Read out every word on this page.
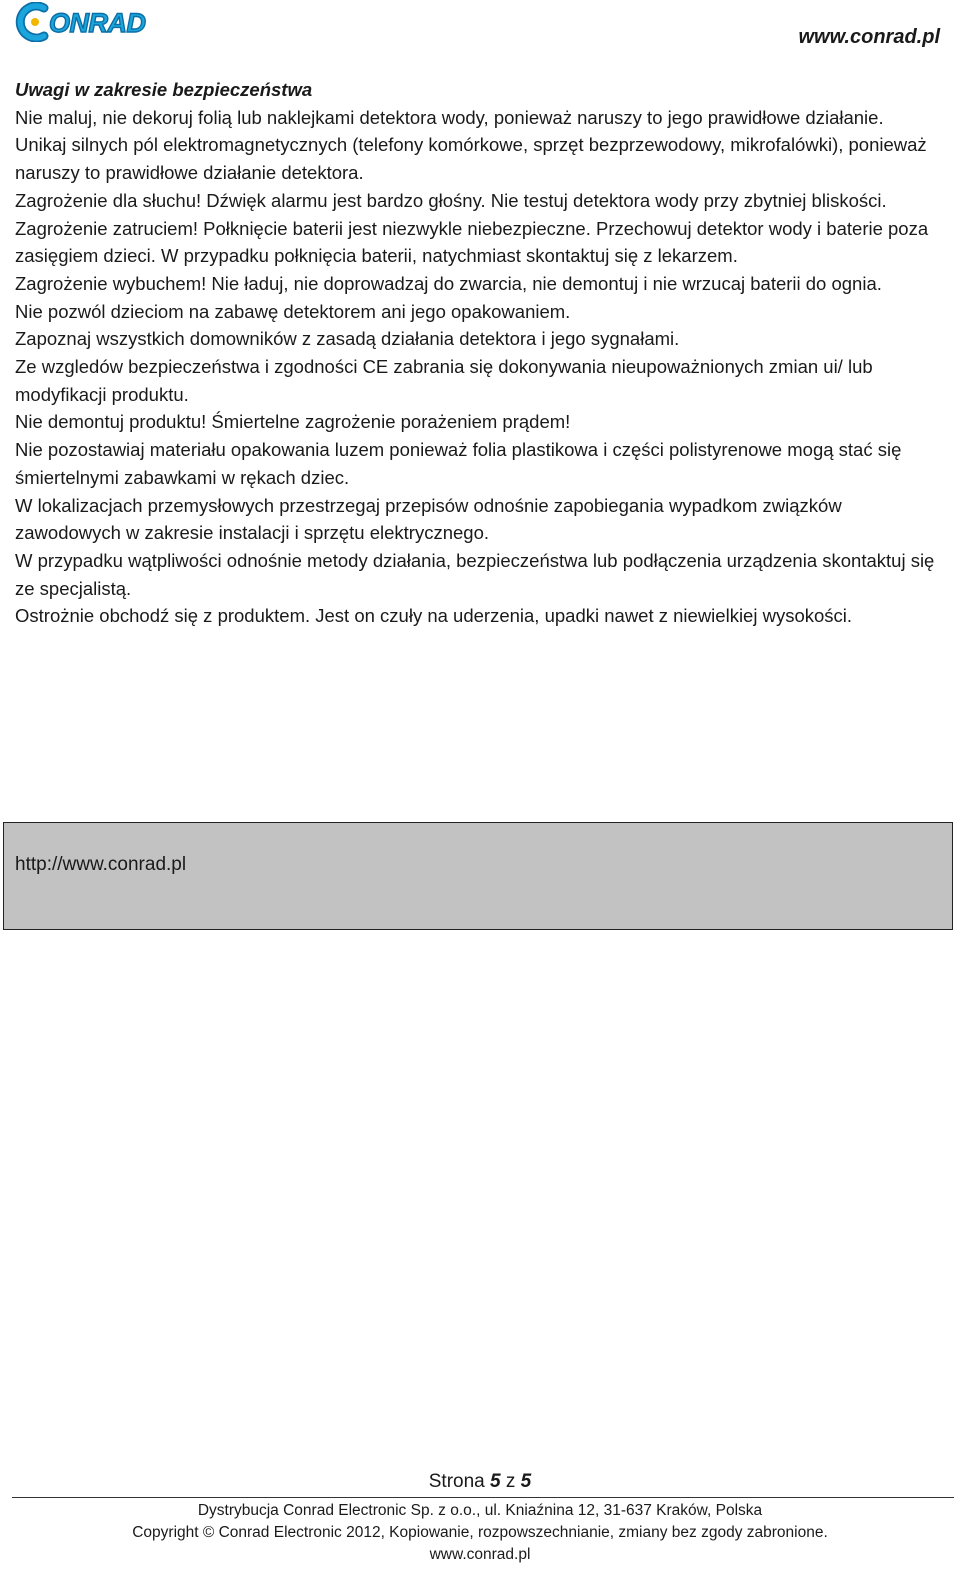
ONRAD	www.conrad.pl

Uwagi w zakresie bezpieczeństwa

Nie maluj, nie dekoruj folią lub naklejkami detektora wody, ponieważ naruszy to jego prawidłowe działanie.

Unikaj silnych pól elektromagnetycznych (telefony komórkowe, sprzęt bezprzewodowy, mikrofalówki), ponieważ naruszy to prawidłowe działanie detektora.

Zagrożenie dla słuchu! Dźwięk alarmu jest bardzo głośny. Nie testuj detektora wody przy zbytniej bliskości.

Zagrożenie zatruciem! Połknięcie baterii jest niezwykle niebezpieczne. Przechowuj detektor wody i baterie poza zasięgiem dzieci. W przypadku połknięcia baterii, natychmiast skontaktuj się z lekarzem.

Zagrożenie wybuchem! Nie ładuj, nie doprowadzaj do zwarcia, nie demontuj i nie wrzucaj baterii do ognia.

Nie pozwól dzieciom na zabawę detektorem ani jego opakowaniem.

Zapoznaj wszystkich domowników z zasadą działania detektora i jego sygnałami.

Ze wzgledów bezpieczeństwa i zgodności CE zabrania się dokonywania nieupoważnionych zmian ui/ lub modyfikacji produktu.

Nie demontuj produktu! Śmiertelne zagrożenie porażeniem prądem!

Nie pozostawiaj materiału opakowania luzem ponieważ folia plastikowa i części polistyrenowe mogą stać się śmiertelnymi zabawkami w rękach dziec.

W lokalizacjach przemysłowych przestrzegaj przepisów odnośnie zapobiegania wypadkom związków zawodowych w zakresie instalacji i sprzętu elektrycznego.

W przypadku wątpliwości odnośnie metody działania, bezpieczeństwa lub podłączenia urządzenia skontaktuj się ze specjalistą.

Ostrożnie obchodź się z produktem. Jest on czuły na uderzenia, upadki nawet z niewielkiej wysokości.

http://www.conrad.pl
Strona 5 z 5
Dystrybucja Conrad Electronic Sp. z o.o., ul. Kniaźnina 12, 31-637 Kraków, Polska
Copyright © Conrad Electronic 2012, Kopiowanie, rozpowszechnianie, zmiany bez zgody zabronione.
www.conrad.pl
